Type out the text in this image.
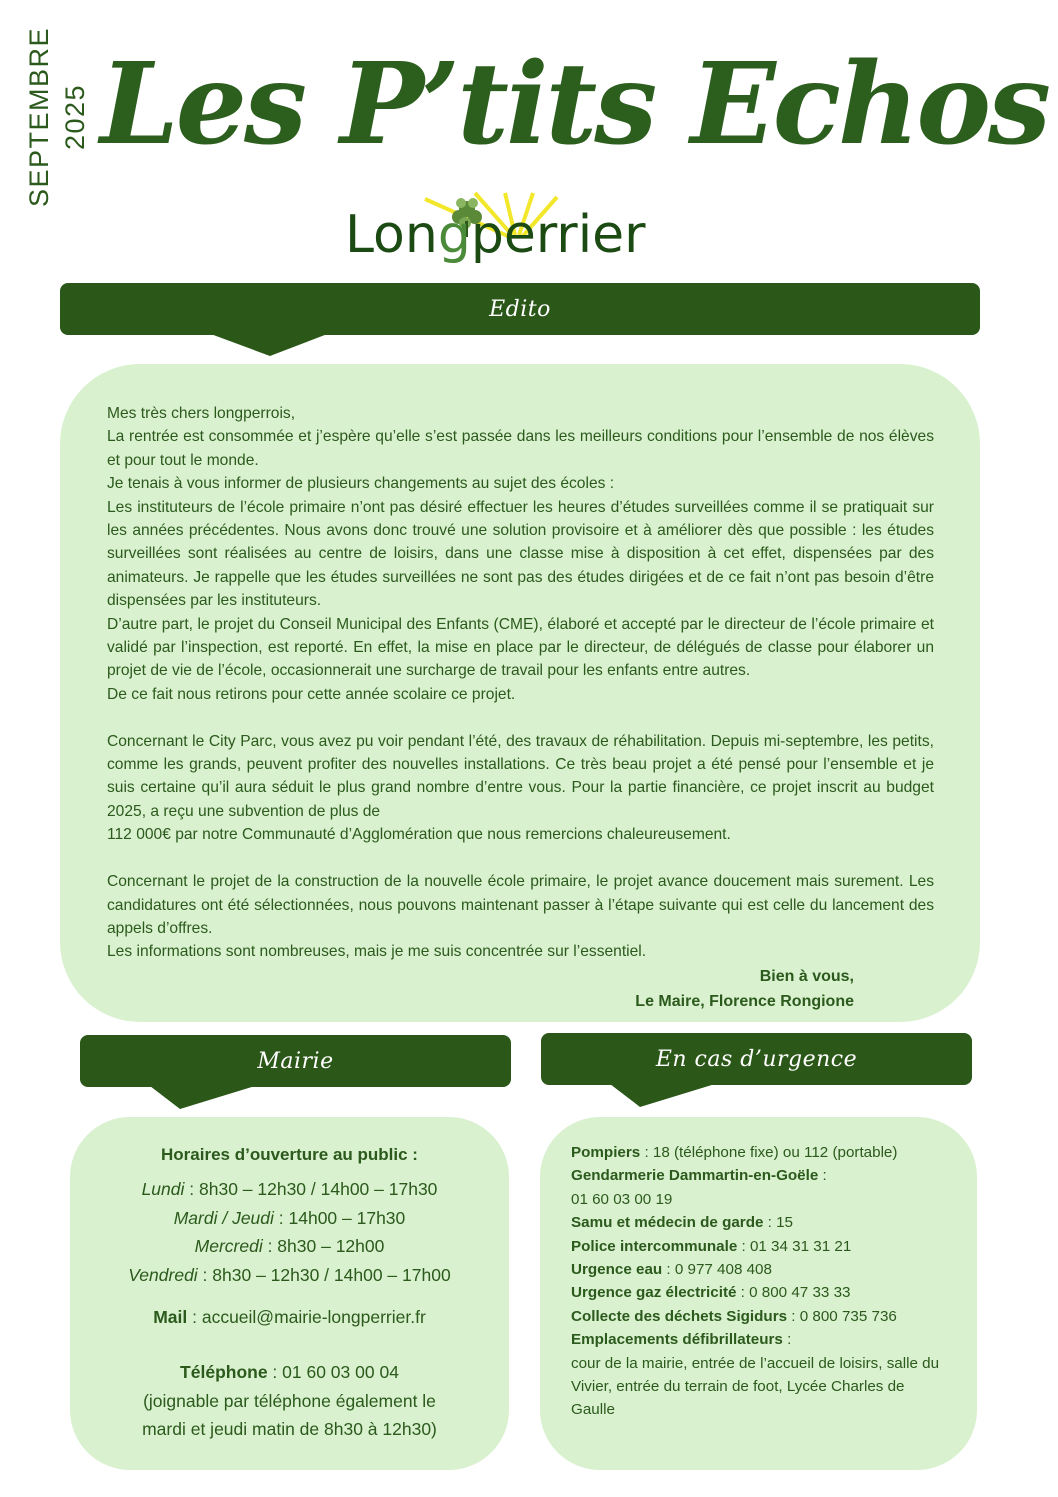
SEPTEMBRE 2025 Les P’tits Echos
Longperrier
Edito

Mes très chers longperrois,

La rentrée est consommée et j’espère qu’elle s’est passée dans les meilleurs conditions pour l’ensemble de nos élèves et pour tout le monde.

Je tenais à vous informer de plusieurs changements au sujet des écoles :

Les instituteurs de l’école primaire n’ont pas désiré effectuer les heures d’études surveillées comme il se pratiquait sur les années précédentes. Nous avons donc trouvé une solution provisoire et à améliorer dès que possible : les études surveillées sont réalisées au centre de loisirs, dans une classe mise à disposition à cet effet, dispensées par des animateurs. Je rappelle que les études surveillées ne sont pas des études dirigées et de ce fait n’ont pas besoin d’être dispensées par les instituteurs.

D’autre part, le projet du Conseil Municipal des Enfants (CME), élaboré et accepté par le directeur de l’école primaire et validé par l’inspection, est reporté. En effet, la mise en place par le directeur, de délégués de classe pour élaborer un projet de vie de l’école, occasionnerait une surcharge de travail pour les enfants entre autres.

De ce fait nous retirons pour cette année scolaire ce projet.

Concernant le City Parc, vous avez pu voir pendant l’été, des travaux de réhabilitation. Depuis mi-septembre, les petits, comme les grands, peuvent profiter des nouvelles installations. Ce très beau projet a été pensé pour l’ensemble et je suis certaine qu’il aura séduit le plus grand nombre d’entre vous. Pour la partie financière, ce projet inscrit au budget 2025, a reçu une subvention de plus de

112 000€ par notre Communauté d’Agglomération que nous remercions chaleureusement.

Concernant le projet de la construction de la nouvelle école primaire, le projet avance doucement mais surement. Les candidatures ont été sélectionnées, nous pouvons maintenant passer à l’étape suivante qui est celle du lancement des appels d’offres.

Les informations sont nombreuses, mais je me suis concentrée sur l’essentiel.

Bien à vous,

Le Maire, Florence Rongione

Mairie
Horaires d’ouverture au public :
Lundi : 8h30 – 12h30 / 14h00 – 17h30
Mardi / Jeudi : 14h00 – 17h30
Mercredi : 8h30 – 12h00
Vendredi : 8h30 – 12h30 / 14h00 – 17h00
Mail : accueil@mairie-longperrier.fr
Téléphone : 01 60 03 00 04
(joignable par téléphone également le
mardi et jeudi matin de 8h30 à 12h30)
En cas d’urgence
Pompiers : 18 (téléphone fixe) ou 112 (portable)
Gendarmerie Dammartin-en-Goële :
01 60 03 00 19
Samu et médecin de garde : 15
Police intercommunale : 01 34 31 31 21
Urgence eau : 0 977 408 408
Urgence gaz électricité : 0 800 47 33 33
Collecte des déchets Sigidurs : 0 800 735 736
Emplacements défibrillateurs :
cour de la mairie, entrée de l’accueil de loisirs, salle du Vivier, entrée du terrain de foot, Lycée Charles de Gaulle
